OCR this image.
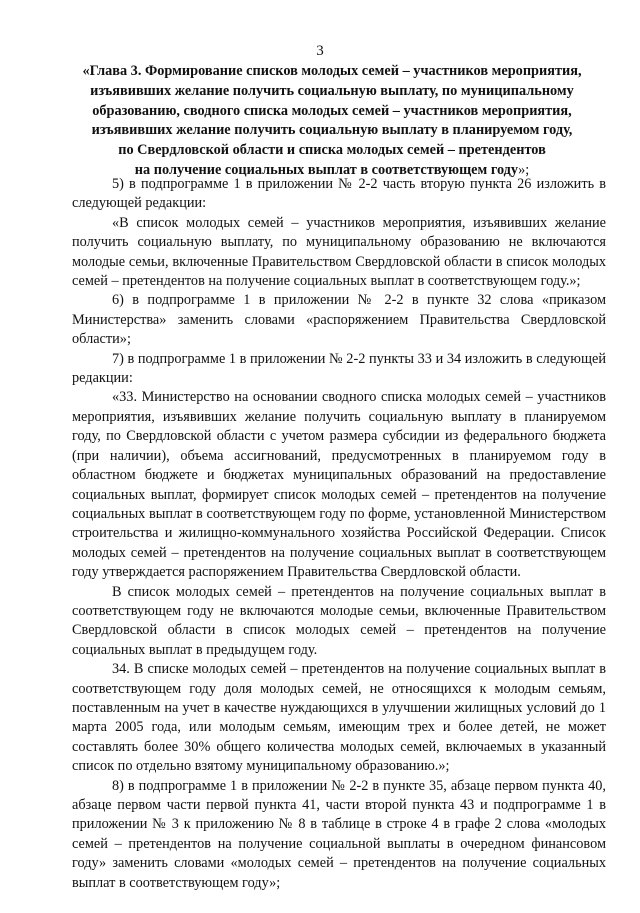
3
«Глава 3. Формирование списков молодых семей – участников мероприятия,
изъявивших желание получить социальную выплату, по муниципальному
образованию, сводного списка молодых семей – участников мероприятия,
изъявивших желание получить социальную выплату в планируемом году,
по Свердловской области и списка молодых семей – претендентов
на получение социальных выплат в соответствующем году»;

5) в подпрограмме 1 в приложении № 2-2 часть вторую пункта 26 изложить в следующей редакции:

«В список молодых семей – участников мероприятия, изъявивших желание получить социальную выплату, по муниципальному образованию не включаются молодые семьи, включенные Правительством Свердловской области в список молодых семей – претендентов на получение социальных выплат в соответствующем году.»;

6) в подпрограмме 1 в приложении № 2-2 в пункте 32 слова «приказом Министерства» заменить словами «распоряжением Правительства Свердловской области»;

7) в подпрограмме 1 в приложении № 2-2 пункты 33 и 34 изложить в следующей редакции:

«33. Министерство на основании сводного списка молодых семей – участников мероприятия, изъявивших желание получить социальную выплату в планируемом году, по Свердловской области с учетом размера субсидии из федерального бюджета (при наличии), объема ассигнований, предусмотренных в планируемом году в областном бюджете и бюджетах муниципальных образований на предоставление социальных выплат, формирует список молодых семей – претендентов на получение социальных выплат в соответствующем году по форме, установленной Министерством строительства и жилищно-коммунального хозяйства Российской Федерации. Список молодых семей – претендентов на получение социальных выплат в соответствующем году утверждается распоряжением Правительства Свердловской области.

В список молодых семей – претендентов на получение социальных выплат в соответствующем году не включаются молодые семьи, включенные Правительством Свердловской области в список молодых семей – претендентов на получение социальных выплат в предыдущем году.

34. В списке молодых семей – претендентов на получение социальных выплат в соответствующем году доля молодых семей, не относящихся к молодым семьям, поставленным на учет в качестве нуждающихся в улучшении жилищных условий до 1 марта 2005 года, или молодым семьям, имеющим трех и более детей, не может составлять более 30% общего количества молодых семей, включаемых в указанный список по отдельно взятому муниципальному образованию.»;

8) в подпрограмме 1 в приложении № 2-2 в пункте 35, абзаце первом пункта 40, абзаце первом части первой пункта 41, части второй пункта 43 и подпрограмме 1 в приложении № 3 к приложению № 8 в таблице в строке 4 в графе 2 слова «молодых семей – претендентов на получение социальной выплаты в очередном финансовом году» заменить словами «молодых семей – претендентов на получение социальных выплат в соответствующем году»;
